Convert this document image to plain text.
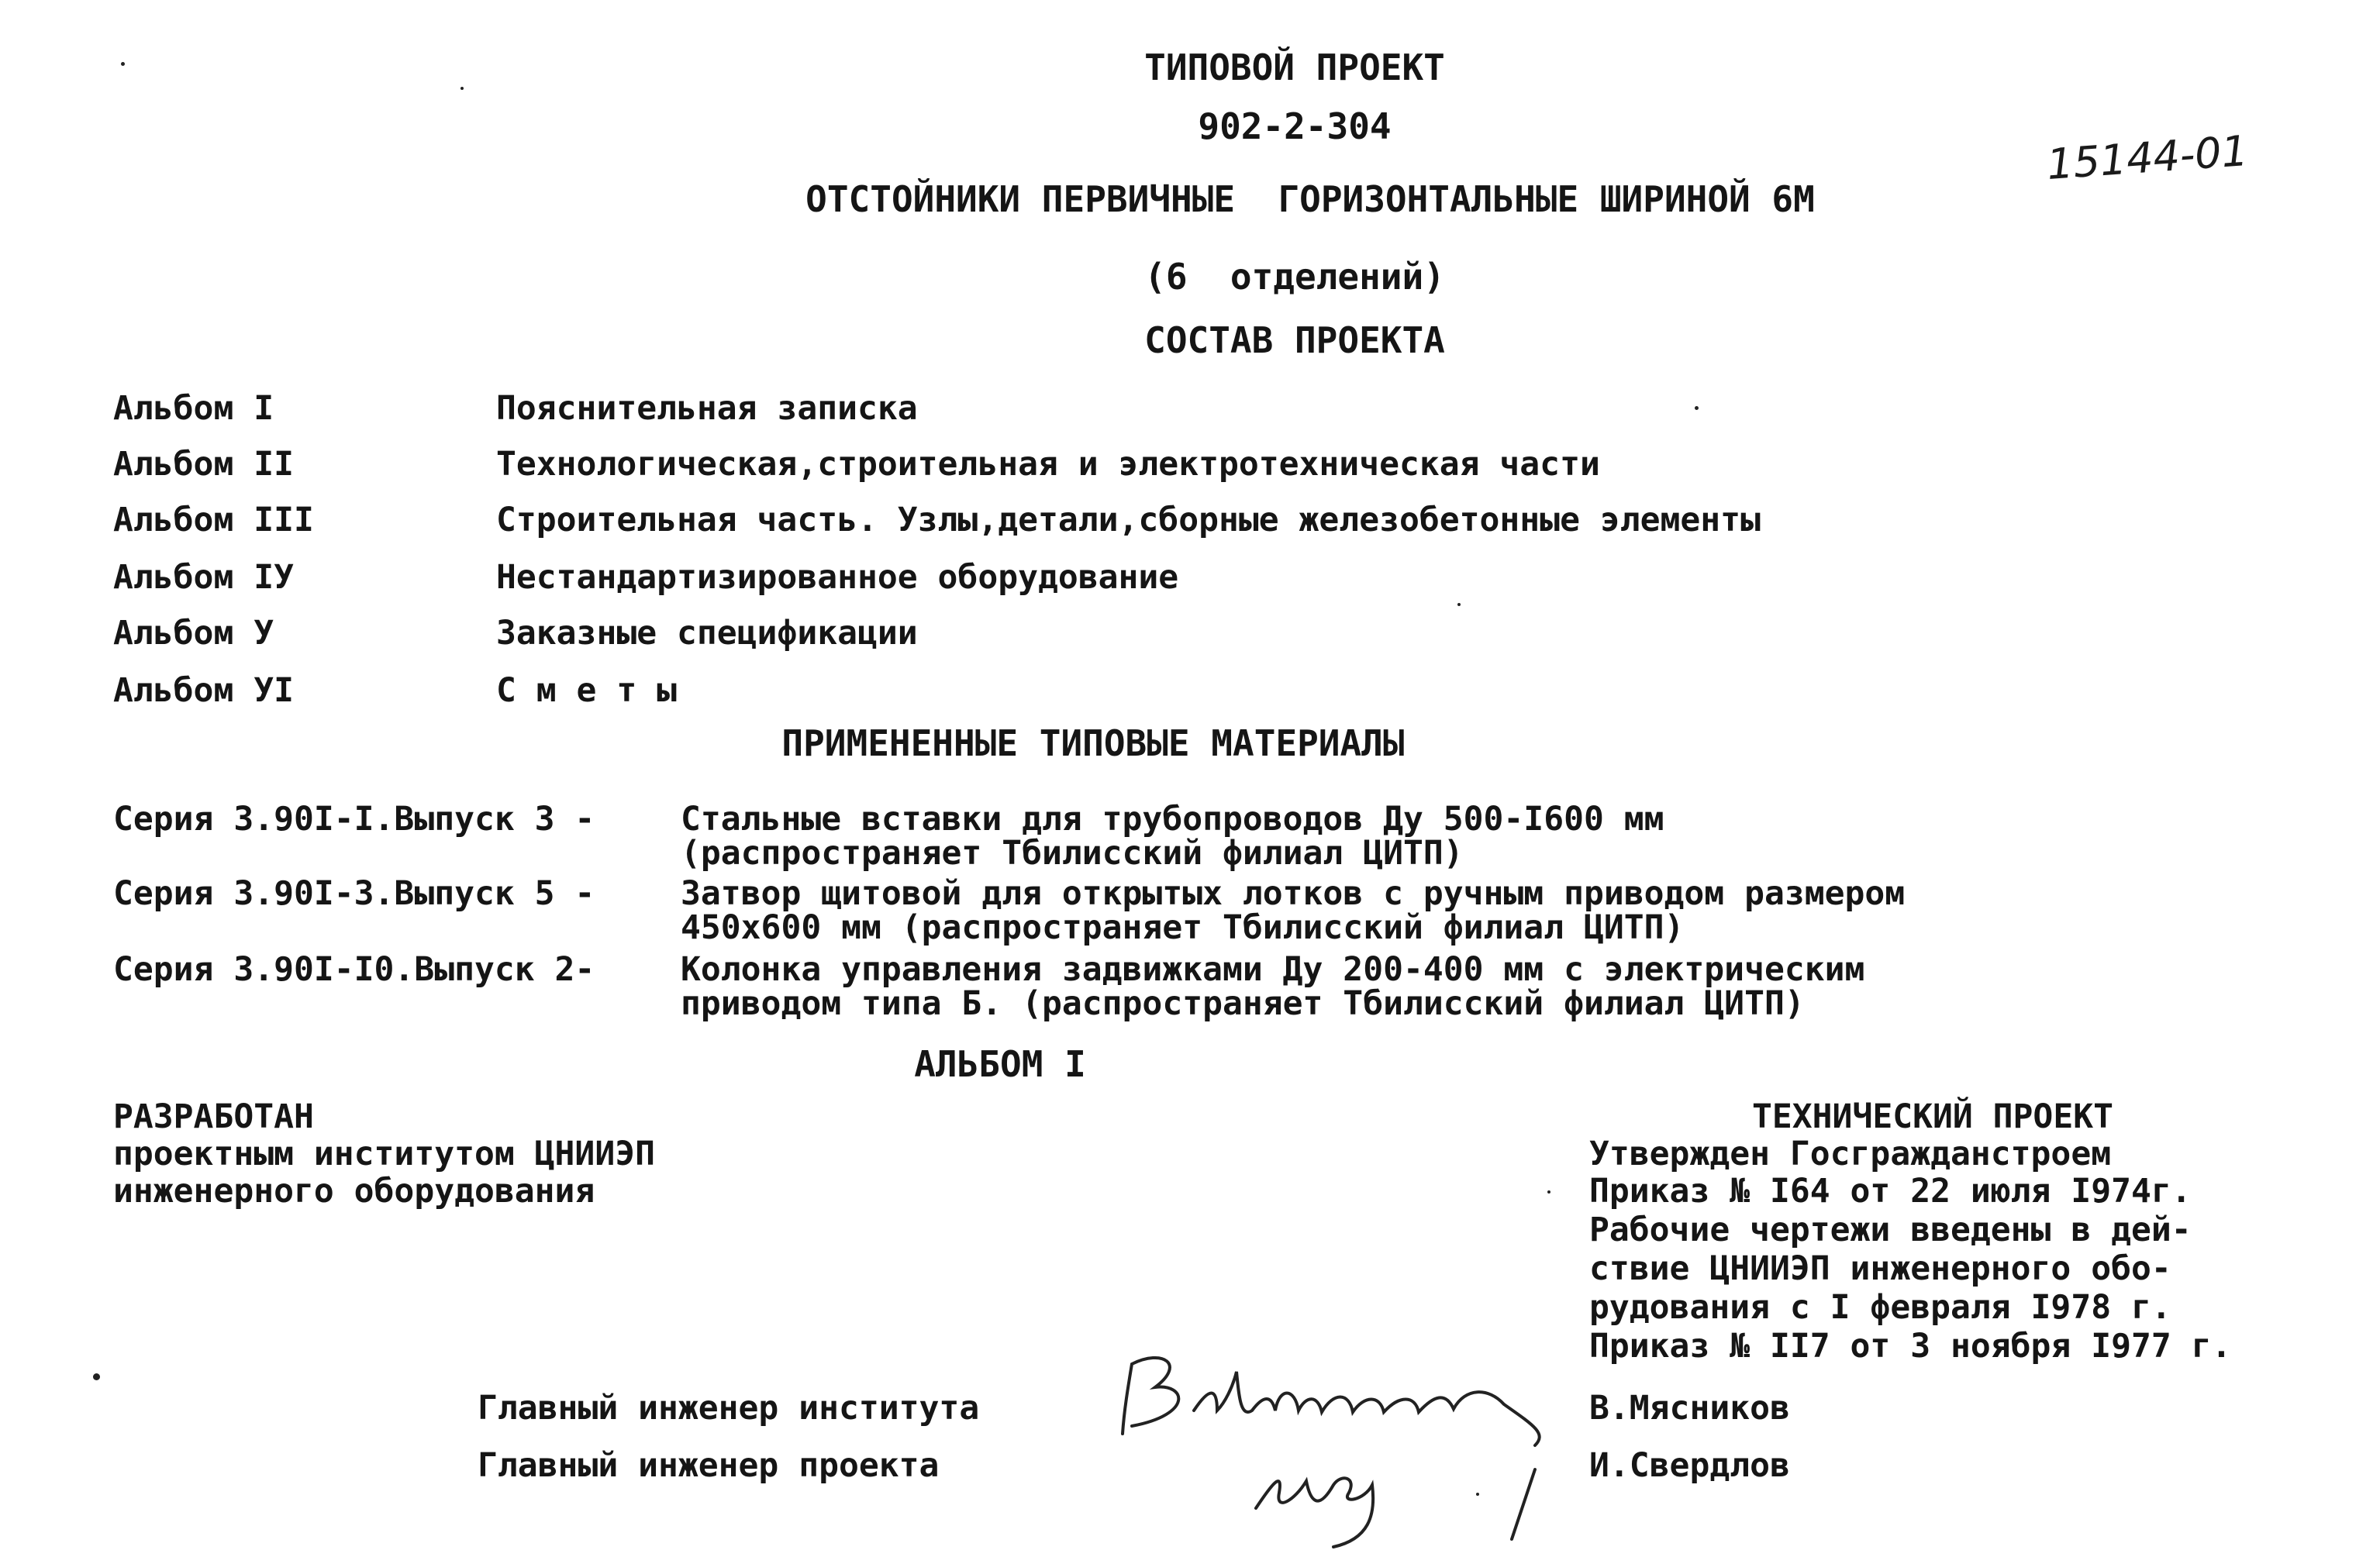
ТИПОВОЙ ПРОЕКТ
902-2-304
ОТСТОЙНИКИ ПЕРВИЧНЫЕ  ГОРИЗОНТАЛЬНЫЕ ШИРИНОЙ 6М
(6  отделений)
15144-01
СОСТАВ ПРОЕКТА
Альбом I	Пояснительная записка
Альбом II	Технологическая,строительная и электротехническая части
Альбом III	Строительная часть. Узлы,детали,сборные железобетонные элементы
Альбом IУ	Нестандартизированное оборудование
Альбом У	Заказные спецификации
Альбом УI	С м е т ы
ПРИМЕНЕННЫЕ ТИПОВЫЕ МАТЕРИАЛЫ
Серия 3.90I-I.Выпуск 3 -	Стальные вставки для трубопроводов Ду 500-I600 мм
(распространяет Тбилисский филиал ЦИТП)
Серия 3.90I-3.Выпуск 5 -	Затвор щитовой для открытых лотков с ручным приводом размером
450х600 мм (распространяет Тбилисский филиал ЦИТП)
Серия 3.90I-I0.Выпуск 2-	Колонка управления задвижками Ду 200-400 мм с электрическим
приводом типа Б. (распространяет Тбилисский филиал ЦИТП)
АЛЬБОМ I
РАЗРАБОТАН
проектным институтом ЦНИИЭП
инженерного оборудования
ТЕХНИЧЕСКИЙ ПРОЕКТ
Утвержден Госгражданстроем
Приказ № I64 от 22 июля I974г.
Рабочие чертежи введены в дей-
ствие ЦНИИЭП инженерного обо-
рудования с I февраля I978 г.
Приказ № II7 от 3 ноября I977 г.
Главный инженер института	В.Мясников
Главный инженер проекта	И.Свердлов
